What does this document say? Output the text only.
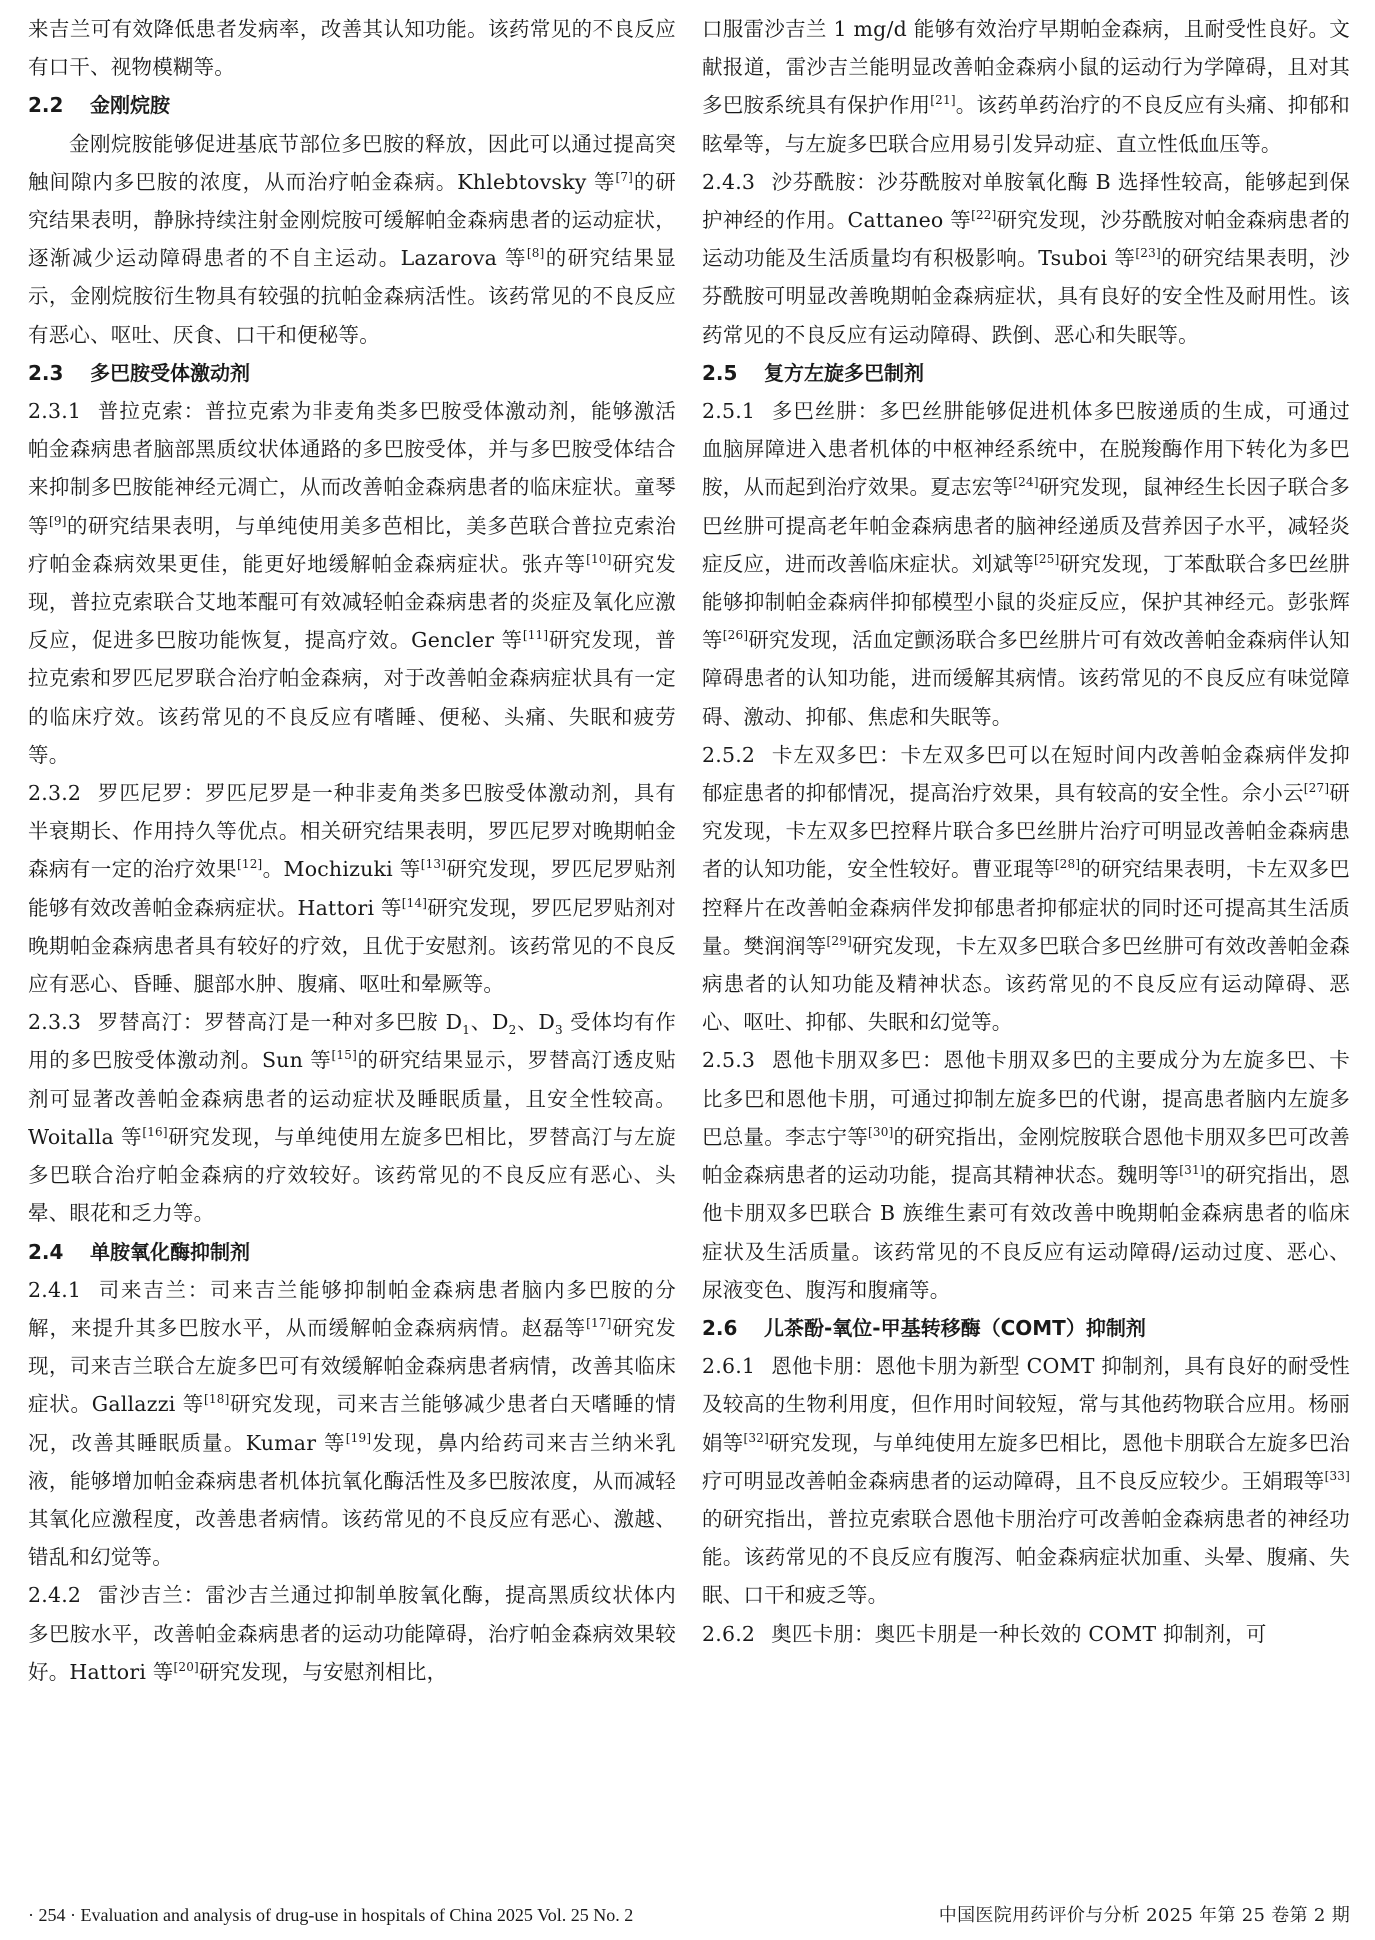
来吉兰可有效降低患者发病率，改善其认知功能。该药常见的不良反应有口干、视物模糊等。

2.2 金刚烷胺

金刚烷胺能够促进基底节部位多巴胺的释放，因此可以通过提高突触间隙内多巴胺的浓度，从而治疗帕金森病。Khlebtovsky 等[7]的研究结果表明，静脉持续注射金刚烷胺可缓解帕金森病患者的运动症状，逐渐减少运动障碍患者的不自主运动。Lazarova 等[8]的研究结果显示，金刚烷胺衍生物具有较强的抗帕金森病活性。该药常见的不良反应有恶心、呕吐、厌食、口干和便秘等。

2.3 多巴胺受体激动剂

2.3.1 普拉克索：普拉克索为非麦角类多巴胺受体激动剂，能够激活帕金森病患者脑部黑质纹状体通路的多巴胺受体，并与多巴胺受体结合来抑制多巴胺能神经元凋亡，从而改善帕金森病患者的临床症状。童琴等[9]的研究结果表明，与单纯使用美多芭相比，美多芭联合普拉克索治疗帕金森病效果更佳，能更好地缓解帕金森病症状。张卉等[10]研究发现，普拉克索联合艾地苯醌可有效减轻帕金森病患者的炎症及氧化应激反应，促进多巴胺功能恢复，提高疗效。Gencler 等[11]研究发现，普拉克索和罗匹尼罗联合治疗帕金森病，对于改善帕金森病症状具有一定的临床疗效。该药常见的不良反应有嗜睡、便秘、头痛、失眠和疲劳等。

2.3.2 罗匹尼罗：罗匹尼罗是一种非麦角类多巴胺受体激动剂，具有半衰期长、作用持久等优点。相关研究结果表明，罗匹尼罗对晚期帕金森病有一定的治疗效果[12]。Mochizuki 等[13]研究发现，罗匹尼罗贴剂能够有效改善帕金森病症状。Hattori 等[14]研究发现，罗匹尼罗贴剂对晚期帕金森病患者具有较好的疗效，且优于安慰剂。该药常见的不良反应有恶心、昏睡、腿部水肿、腹痛、呕吐和晕厥等。

2.3.3 罗替高汀：罗替高汀是一种对多巴胺 $D_1$、$D_2$、$D_3$ 受体均有作用的多巴胺受体激动剂。Sun 等[15]的研究结果显示，罗替高汀透皮贴剂可显著改善帕金森病患者的运动症状及睡眠质量，且安全性较高。Woitalla 等[16]研究发现，与单纯使用左旋多巴相比，罗替高汀与左旋多巴联合治疗帕金森病的疗效较好。该药常见的不良反应有恶心、头晕、眼花和乏力等。

2.4 单胺氧化酶抑制剂

2.4.1 司来吉兰：司来吉兰能够抑制帕金森病患者脑内多巴胺的分解，来提升其多巴胺水平，从而缓解帕金森病病情。赵磊等[17]研究发现，司来吉兰联合左旋多巴可有效缓解帕金森病患者病情，改善其临床症状。Gallazzi 等[18]研究发现，司来吉兰能够减少患者白天嗜睡的情况，改善其睡眠质量。Kumar 等[19]发现，鼻内给药司来吉兰纳米乳液，能够增加帕金森病患者机体抗氧化酶活性及多巴胺浓度，从而减轻其氧化应激程度，改善患者病情。该药常见的不良反应有恶心、激越、错乱和幻觉等。

2.4.2 雷沙吉兰：雷沙吉兰通过抑制单胺氧化酶，提高黑质纹状体内多巴胺水平，改善帕金森病患者的运动功能障碍，治疗帕金森病效果较好。Hattori 等[20]研究发现，与安慰剂相比，

口服雷沙吉兰 1 mg/d 能够有效治疗早期帕金森病，且耐受性良好。文献报道，雷沙吉兰能明显改善帕金森病小鼠的运动行为学障碍，且对其多巴胺系统具有保护作用[21]。该药单药治疗的不良反应有头痛、抑郁和眩晕等，与左旋多巴联合应用易引发异动症、直立性低血压等。

2.4.3 沙芬酰胺：沙芬酰胺对单胺氧化酶 B 选择性较高，能够起到保护神经的作用。Cattaneo 等[22]研究发现，沙芬酰胺对帕金森病患者的运动功能及生活质量均有积极影响。Tsuboi 等[23]的研究结果表明，沙芬酰胺可明显改善晚期帕金森病症状，具有良好的安全性及耐用性。该药常见的不良反应有运动障碍、跌倒、恶心和失眠等。

2.5 复方左旋多巴制剂

2.5.1 多巴丝肼：多巴丝肼能够促进机体多巴胺递质的生成，可通过血脑屏障进入患者机体的中枢神经系统中，在脱羧酶作用下转化为多巴胺，从而起到治疗效果。夏志宏等[24]研究发现，鼠神经生长因子联合多巴丝肼可提高老年帕金森病患者的脑神经递质及营养因子水平，减轻炎症反应，进而改善临床症状。刘斌等[25]研究发现，丁苯酞联合多巴丝肼能够抑制帕金森病伴抑郁模型小鼠的炎症反应，保护其神经元。彭张辉等[26]研究发现，活血定颤汤联合多巴丝肼片可有效改善帕金森病伴认知障碍患者的认知功能，进而缓解其病情。该药常见的不良反应有味觉障碍、激动、抑郁、焦虑和失眠等。

2.5.2 卡左双多巴：卡左双多巴可以在短时间内改善帕金森病伴发抑郁症患者的抑郁情况，提高治疗效果，具有较高的安全性。佘小云[27]研究发现，卡左双多巴控释片联合多巴丝肼片治疗可明显改善帕金森病患者的认知功能，安全性较好。曹亚琨等[28]的研究结果表明，卡左双多巴控释片在改善帕金森病伴发抑郁患者抑郁症状的同时还可提高其生活质量。樊润润等[29]研究发现，卡左双多巴联合多巴丝肼可有效改善帕金森病患者的认知功能及精神状态。该药常见的不良反应有运动障碍、恶心、呕吐、抑郁、失眠和幻觉等。

2.5.3 恩他卡朋双多巴：恩他卡朋双多巴的主要成分为左旋多巴、卡比多巴和恩他卡朋，可通过抑制左旋多巴的代谢，提高患者脑内左旋多巴总量。李志宁等[30]的研究指出，金刚烷胺联合恩他卡朋双多巴可改善帕金森病患者的运动功能，提高其精神状态。魏明等[31]的研究指出，恩他卡朋双多巴联合 B 族维生素可有效改善中晚期帕金森病患者的临床症状及生活质量。该药常见的不良反应有运动障碍/运动过度、恶心、尿液变色、腹泻和腹痛等。

2.6 儿茶酚-氧位-甲基转移酶（COMT）抑制剂

2.6.1 恩他卡朋：恩他卡朋为新型 COMT 抑制剂，具有良好的耐受性及较高的生物利用度，但作用时间较短，常与其他药物联合应用。杨丽娟等[32]研究发现，与单纯使用左旋多巴相比，恩他卡朋联合左旋多巴治疗可明显改善帕金森病患者的运动障碍，且不良反应较少。王娟瑕等[33]的研究指出，普拉克索联合恩他卡朋治疗可改善帕金森病患者的神经功能。该药常见的不良反应有腹泻、帕金森病症状加重、头晕、腹痛、失眠、口干和疲乏等。

2.6.2 奥匹卡朋：奥匹卡朋是一种长效的 COMT 抑制剂，可

· 254 · Evaluation and analysis of drug-use in hospitals of China 2025 Vol. 25 No. 2	中国医院用药评价与分析 2025 年第 25 卷第 2 期
